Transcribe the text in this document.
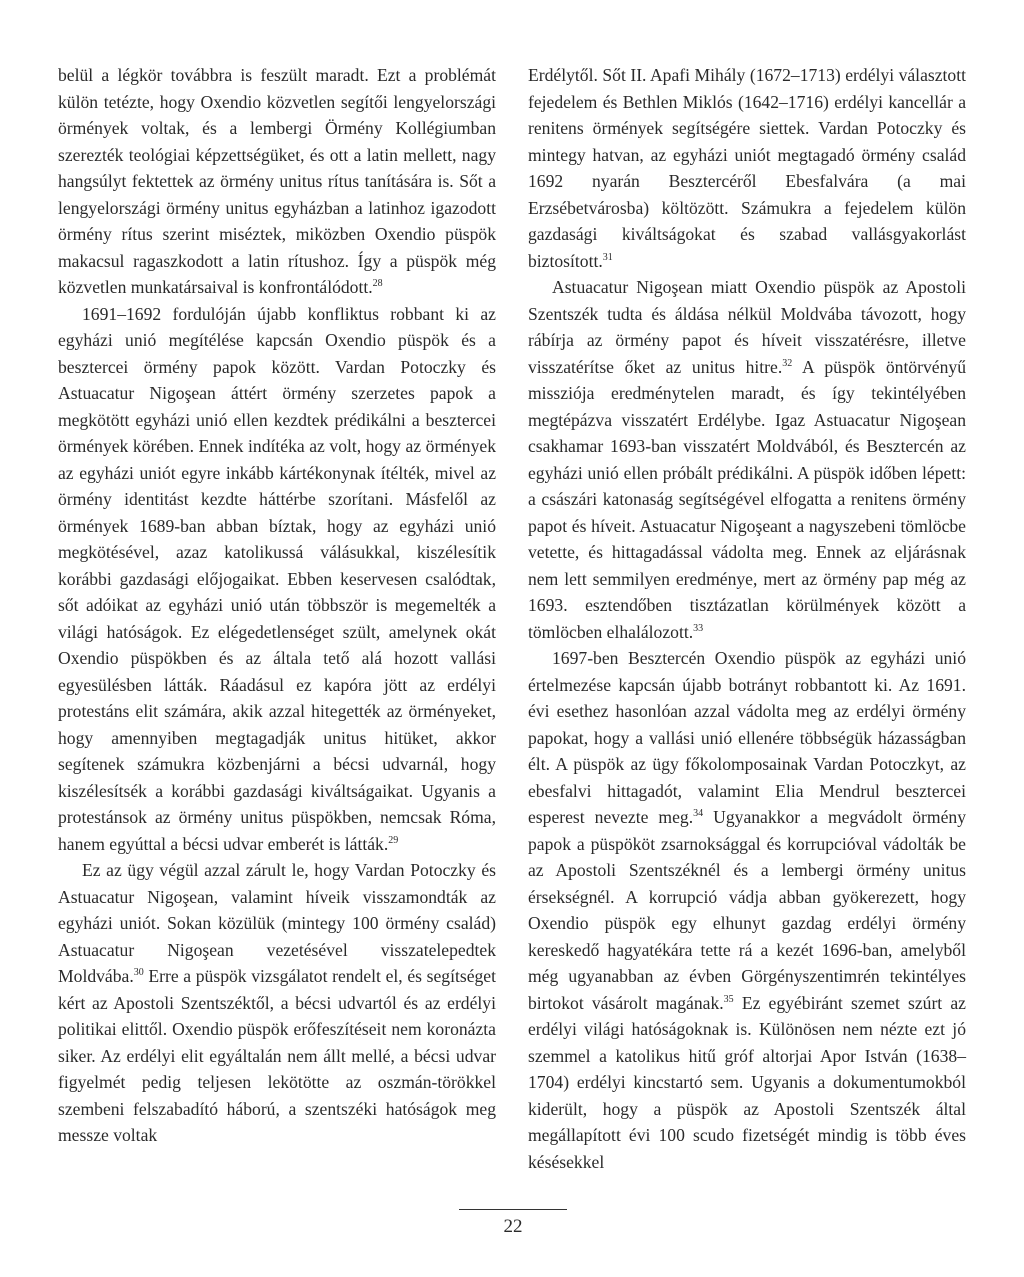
belül a légkör továbbra is feszült maradt. Ezt a problémát külön tetézte, hogy Oxendio közvetlen segítői lengyelországi örmények voltak, és a lembergi Örmény Kollégiumban szerezték teológiai képzettségüket, és ott a latin mellett, nagy hangsúlyt fektettek az örmény unitus rítus tanítására is. Sőt a lengyelországi örmény unitus egyházban a latinhoz igazodott örmény rítus szerint miséztek, miközben Oxendio püspök makacsul ragaszkodott a latin rítushoz. Így a püspök még közvetlen munkatársaival is konfrontálódott.$^{28}$

1691–1692 fordulóján újabb konfliktus robbant ki az egyházi unió megítélése kapcsán Oxendio püspök és a besztercei örmény papok között. Vardan Potoczky és Astuacatur Nigoşean áttért örmény szerzetes papok a megkötött egyházi unió ellen kezdtek prédikálni a besztercei örmények körében. Ennek indítéka az volt, hogy az örmények az egyházi uniót egyre inkább kártékonynak ítélték, mivel az örmény identitást kezdte háttérbe szorítani. Másfelől az örmények 1689-ban abban bíztak, hogy az egyházi unió megkötésével, azaz katolikussá válásukkal, kiszélesítik korábbi gazdasági előjogaikat. Ebben keservesen csalódtak, sőt adóikat az egyházi unió után többször is megemelték a világi hatóságok. Ez elégedetlenséget szült, amelynek okát Oxendio püspökben és az általa tető alá hozott vallási egyesülésben látták. Ráadásul ez kapóra jött az erdélyi protestáns elit számára, akik azzal hitegették az örményeket, hogy amennyiben megtagadják unitus hitüket, akkor segítenek számukra közbenjárni a bécsi udvarnál, hogy kiszélesítsék a korábbi gazdasági kiváltságaikat. Ugyanis a protestánsok az örmény unitus püspökben, nemcsak Róma, hanem egyúttal a bécsi udvar emberét is látták.$^{29}$

Ez az ügy végül azzal zárult le, hogy Vardan Potoczky és Astuacatur Nigoşean, valamint híveik visszamondták az egyházi uniót. Sokan közülük (mintegy 100 örmény család) Astuacatur Nigoşean vezetésével visszatelepedtek Moldvába.$^{30}$ Erre a püspök vizsgálatot rendelt el, és segítséget kért az Apostoli Szentszéktől, a bécsi udvartól és az erdélyi politikai elittől. Oxendio püspök erőfeszítéseit nem koronázta siker. Az erdélyi elit egyáltalán nem állt mellé, a bécsi udvar figyelmét pedig teljesen lekötötte az oszmán-törökkel szembeni felszabadító háború, a szentszéki hatóságok meg messze voltak

Erdélytől. Sőt II. Apafi Mihály (1672–1713) erdélyi választott fejedelem és Bethlen Miklós (1642–1716) erdélyi kancellár a renitens örmények segítségére siettek. Vardan Potoczky és mintegy hatvan, az egyházi uniót megtagadó örmény család 1692 nyarán Besztercéről Ebesfalvára (a mai Erzsébetvárosba) költözött. Számukra a fejedelem külön gazdasági kiváltságokat és szabad vallásgyakorlást biztosított.$^{31}$

Astuacatur Nigoşean miatt Oxendio püspök az Apostoli Szentszék tudta és áldása nélkül Moldvába távozott, hogy rábírja az örmény papot és híveit visszatérésre, illetve visszatérítse őket az unitus hitre.$^{32}$ A püspök öntörvényű missziója eredménytelen maradt, és így tekintélyében megtépázva visszatért Erdélybe. Igaz Astuacatur Nigoşean csakhamar 1693-ban visszatért Moldvából, és Besztercén az egyházi unió ellen próbált prédikálni. A püspök időben lépett: a császári katonaság segítségével elfogatta a renitens örmény papot és híveit. Astuacatur Nigoşeant a nagyszebeni tömlöcbe vetette, és hittagadással vádolta meg. Ennek az eljárásnak nem lett semmilyen eredménye, mert az örmény pap még az 1693. esztendőben tisztázatlan körülmények között a tömlöcben elhalálozott.$^{33}$

1697-ben Besztercén Oxendio püspök az egyházi unió értelmezése kapcsán újabb botrányt robbantott ki. Az 1691. évi esethez hasonlóan azzal vádolta meg az erdélyi örmény papokat, hogy a vallási unió ellenére többségük házasságban élt. A püspök az ügy főkolomposainak Vardan Potoczkyt, az ebesfalvi hittagadót, valamint Elia Mendrul besztercei esperest nevezte meg.$^{34}$ Ugyanakkor a megvádolt örmény papok a püspököt zsarnoksággal és korrupcióval vádolták be az Apostoli Szentszéknél és a lembergi örmény unitus érsekségnél. A korrupció vádja abban gyökerezett, hogy Oxendio püspök egy elhunyt gazdag erdélyi örmény kereskedő hagyatékára tette rá a kezét 1696-ban, amelyből még ugyanabban az évben Görgényszentimrén tekintélyes birtokot vásárolt magának.$^{35}$ Ez egyébiránt szemet szúrt az erdélyi világi hatóságoknak is. Különösen nem nézte ezt jó szemmel a katolikus hitű gróf altorjai Apor István (1638–1704) erdélyi kincstartó sem. Ugyanis a dokumentumokból kiderült, hogy a püspök az Apostoli Szentszék által megállapított évi 100 scudo fizetségét mindig is több éves késésekkel

22
